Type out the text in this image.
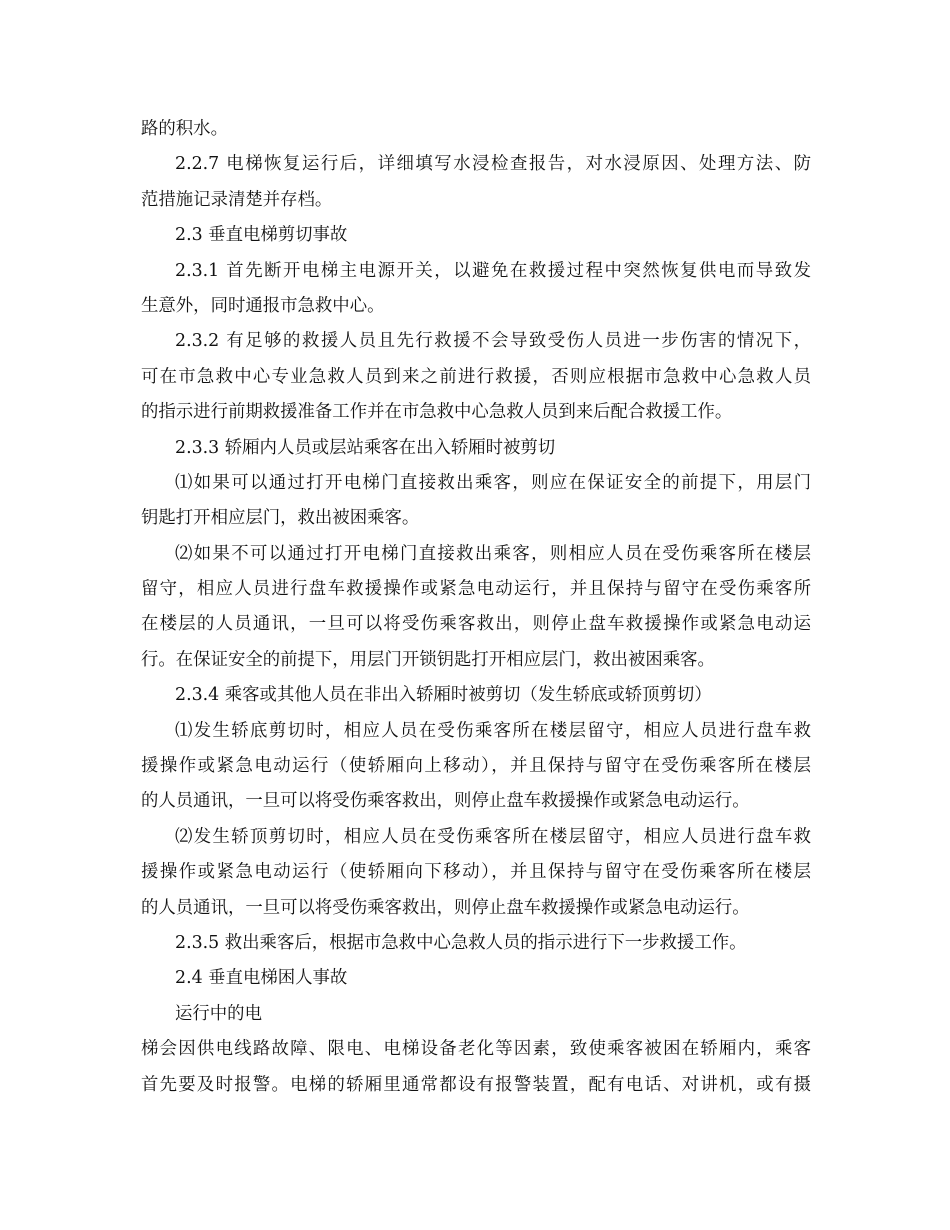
路的积水。
2.2.7 电梯恢复运行后，详细填写水浸检查报告，对水浸原因、处理方法、防
范措施记录清楚并存档。
2.3 垂直电梯剪切事故
2.3.1 首先断开电梯主电源开关，以避免在救援过程中突然恢复供电而导致发
生意外，同时通报市急救中心。
2.3.2 有足够的救援人员且先行救援不会导致受伤人员进一步伤害的情况下，
可在市急救中心专业急救人员到来之前进行救援，否则应根据市急救中心急救人员
的指示进行前期救援准备工作并在市急救中心急救人员到来后配合救援工作。
2.3.3 轿厢内人员或层站乘客在出入轿厢时被剪切
⑴如果可以通过打开电梯门直接救出乘客，则应在保证安全的前提下，用层门
钥匙打开相应层门，救出被困乘客。
⑵如果不可以通过打开电梯门直接救出乘客，则相应人员在受伤乘客所在楼层
留守，相应人员进行盘车救援操作或紧急电动运行，并且保持与留守在受伤乘客所
在楼层的人员通讯，一旦可以将受伤乘客救出，则停止盘车救援操作或紧急电动运
行。在保证安全的前提下，用层门开锁钥匙打开相应层门，救出被困乘客。
2.3.4 乘客或其他人员在非出入轿厢时被剪切（发生轿底或轿顶剪切）
⑴发生轿底剪切时，相应人员在受伤乘客所在楼层留守，相应人员进行盘车救
援操作或紧急电动运行（使轿厢向上移动），并且保持与留守在受伤乘客所在楼层
的人员通讯，一旦可以将受伤乘客救出，则停止盘车救援操作或紧急电动运行。
⑵发生轿顶剪切时，相应人员在受伤乘客所在楼层留守，相应人员进行盘车救
援操作或紧急电动运行（使轿厢向下移动），并且保持与留守在受伤乘客所在楼层
的人员通讯，一旦可以将受伤乘客救出，则停止盘车救援操作或紧急电动运行。
2.3.5 救出乘客后，根据市急救中心急救人员的指示进行下一步救援工作。
2.4 垂直电梯困人事故
运行中的电
梯会因供电线路故障、限电、电梯设备老化等因素，致使乘客被困在轿厢内，乘客
首先要及时报警。电梯的轿厢里通常都设有报警装置，配有电话、对讲机，或有摄
